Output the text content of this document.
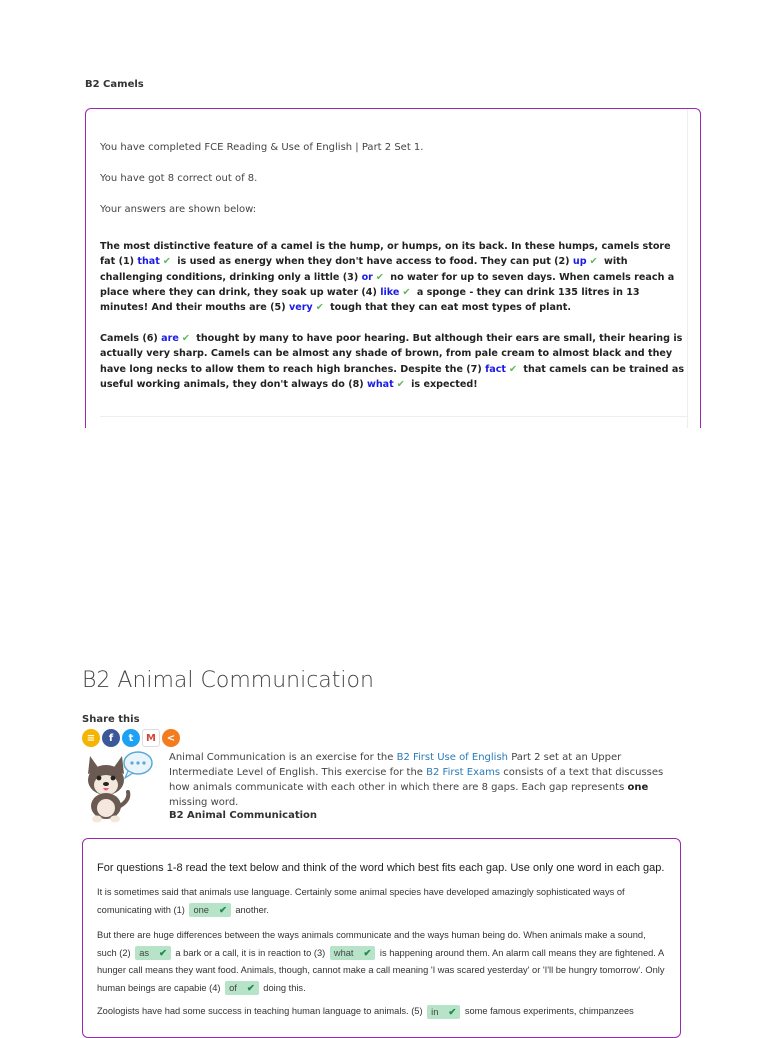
B2 Camels
You have completed FCE Reading & Use of English | Part 2 Set 1.
You have got 8 correct out of 8.
Your answers are shown below:
The most distinctive feature of a camel is the hump, or humps, on its back. In these humps, camels store fat (1) that ✔ is used as energy when they don't have access to food. They can put (2) up ✔ with challenging conditions, drinking only a little (3) or ✔ no water for up to seven days. When camels reach a place where they can drink, they soak up water (4) like ✔ a sponge - they can drink 135 litres in 13 minutes! And their mouths are (5) very ✔ tough that they can eat most types of plant.
Camels (6) are ✔ thought by many to have poor hearing. But although their ears are small, their hearing is actually very sharp. Camels can be almost any shade of brown, from pale cream to almost black and they have long necks to allow them to reach high branches. Despite the (7) fact ✔ that camels can be trained as useful working animals, they don't always do (8) what ✔ is expected!
B2 Animal Communication
Share this
≡	f	t	M	<
Animal Communication is an exercise for the B2 First Use of English Part 2 set at an Upper Intermediate Level of English. This exercise for the B2 First Exams consists of a text that discusses how animals communicate with each other in which there are 8 gaps. Each gap represents one missing word.
B2 Animal Communication
For questions 1-8 read the text below and think of the word which best fits each gap. Use only one word in each gap.
It is sometimes said that animals use language. Certainly some animal species have developed amazingly sophisticated ways of comunicating with (1) one ✔ another.
But there are huge differences between the ways animals communicate and the ways human being do. When animals make a sound, such (2) as ✔ a bark or a call, it is in reaction to (3) what ✔ is happening around them. An alarm call means they are fightened. A hunger call means they want food. Animals, though, cannot make a call meaning 'I was scared yesterday' or 'I'll be hungry tomorrow'. Only human beings are capabie (4) of ✔ doing this.
Zoologists have had some success in teaching human language to animals. (5) in ✔ some famous experiments, chimpanzees
